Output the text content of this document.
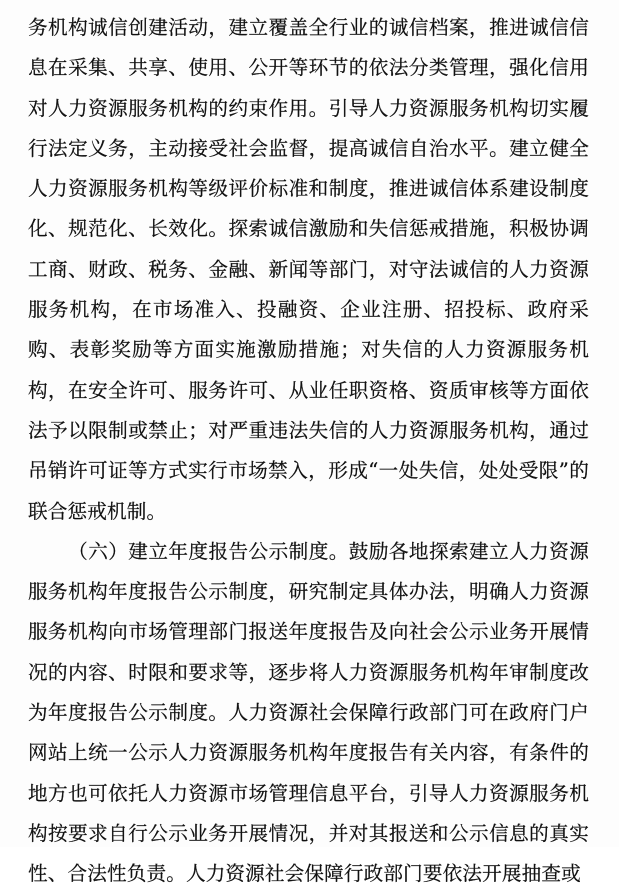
务机构诚信创建活动，建立覆盖全行业的诚信档案，推进诚信信息在采集、共享、使用、公开等环节的依法分类管理，强化信用对人力资源服务机构的约束作用。引导人力资源服务机构切实履行法定义务，主动接受社会监督，提高诚信自治水平。建立健全人力资源服务机构等级评价标准和制度，推进诚信体系建设制度化、规范化、长效化。探索诚信激励和失信惩戒措施，积极协调工商、财政、税务、金融、新闻等部门，对守法诚信的人力资源服务机构，在市场准入、投融资、企业注册、招投标、政府采购、表彰奖励等方面实施激励措施；对失信的人力资源服务机构，在安全许可、服务许可、从业任职资格、资质审核等方面依法予以限制或禁止；对严重违法失信的人力资源服务机构，通过吊销许可证等方式实行市场禁入，形成“一处失信，处处受限”的联合惩戒机制。

（六）建立年度报告公示制度。鼓励各地探索建立人力资源服务机构年度报告公示制度，研究制定具体办法，明确人力资源服务机构向市场管理部门报送年度报告及向社会公示业务开展情况的内容、时限和要求等，逐步将人力资源服务机构年审制度改为年度报告公示制度。人力资源社会保障行政部门可在政府门户网站上统一公示人力资源服务机构年度报告有关内容，有条件的地方也可依托人力资源市场管理信息平台，引导人力资源服务机构按要求自行公示业务开展情况，并对其报送和公示信息的真实性、合法性负责。人力资源社会保障行政部门要依法开展抽查或
